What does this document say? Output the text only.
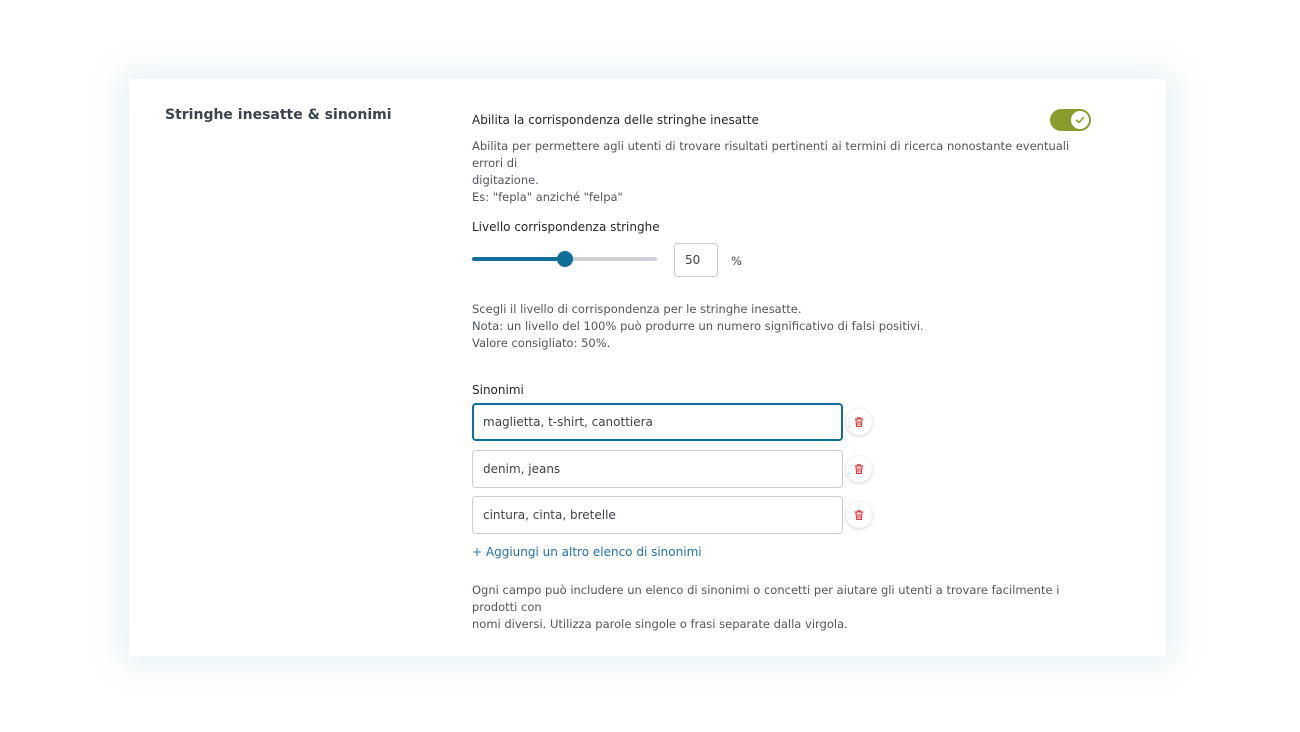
Stringhe inesatte & sinonimi	Abilita la corrispondenza delle stringhe inesatte

Abilita per permettere agli utenti di trovare risultati pertinenti ai termini di ricerca nonostante eventuali errori di
digitazione.
Es: "fepla" anziché "felpa"

Livello corrispondenza stringhe

50
%
Scegli il livello di corrispondenza per le stringhe inesatte.
Nota: un livello del 100% può produrre un numero significativo di falsi positivi.
Valore consigliato: 50%.

Sinonimi

maglietta, t-shirt, canottiera
denim, jeans
cintura, cinta, bretelle
+ Aggiungi un altro elenco di sinonimi
Ogni campo può includere un elenco di sinonimi o concetti per aiutare gli utenti a trovare facilmente i prodotti con
nomi diversi. Utilizza parole singole o frasi separate dalla virgola.
